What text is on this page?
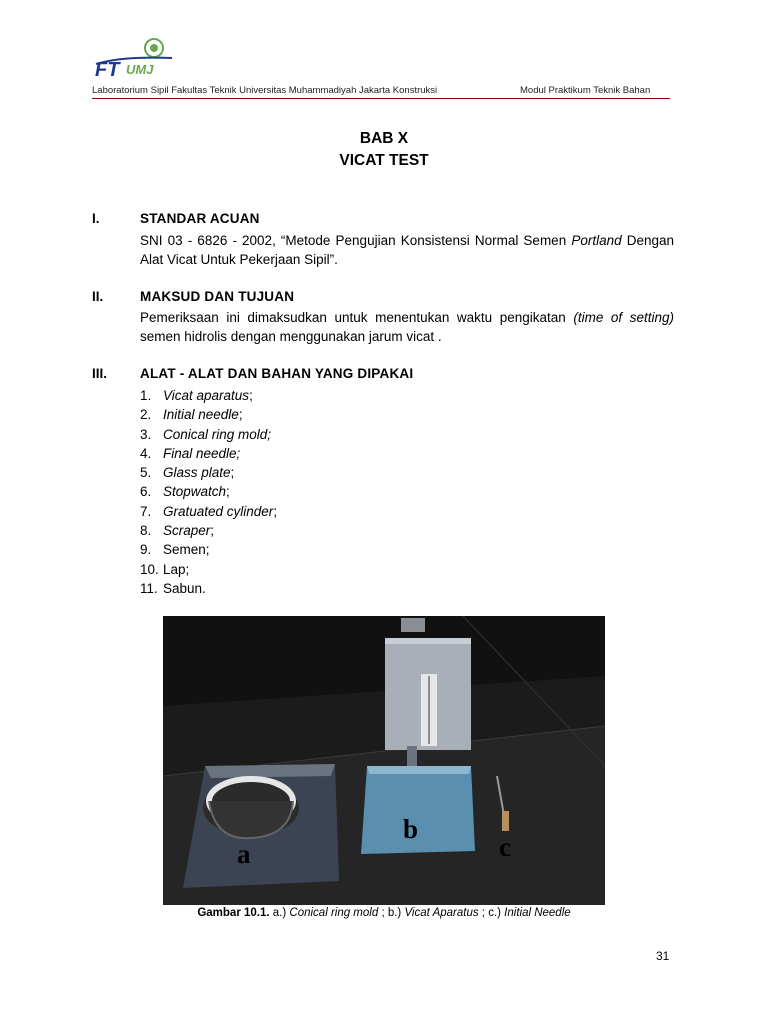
FT UMJ
Laboratorium Sipil Fakultas Teknik Universitas Muhammadiyah Jakarta Konstruksi	Modul Praktikum Teknik Bahan
BAB X
VICAT TEST
I.	STANDAR ACUAN
SNI 03 - 6826 - 2002, “Metode Pengujian Konsistensi Normal Semen Portland Dengan Alat Vicat Untuk Pekerjaan Sipil”.
II.	MAKSUD DAN TUJUAN
Pemeriksaan ini dimaksudkan untuk menentukan waktu pengikatan (time of setting) semen hidrolis dengan menggunakan jarum vicat .
III. ALAT - ALAT DAN BAHAN YANG DIPAKAI
1. Vicat aparatus ;
2. Initial needle ;
3. Conical ring mold;
4. Final needle;
5. Glass plate ;
6. Stopwatch ;
7. Gratuated cylinder ;
8. Scraper ;
9. Semen;
10. Lap;
11. Sabun.
a
b
c
Gambar 10.1. a.) Conical ring mold ; b.) Vicat Aparatus ; c.) Initial Needle
31
